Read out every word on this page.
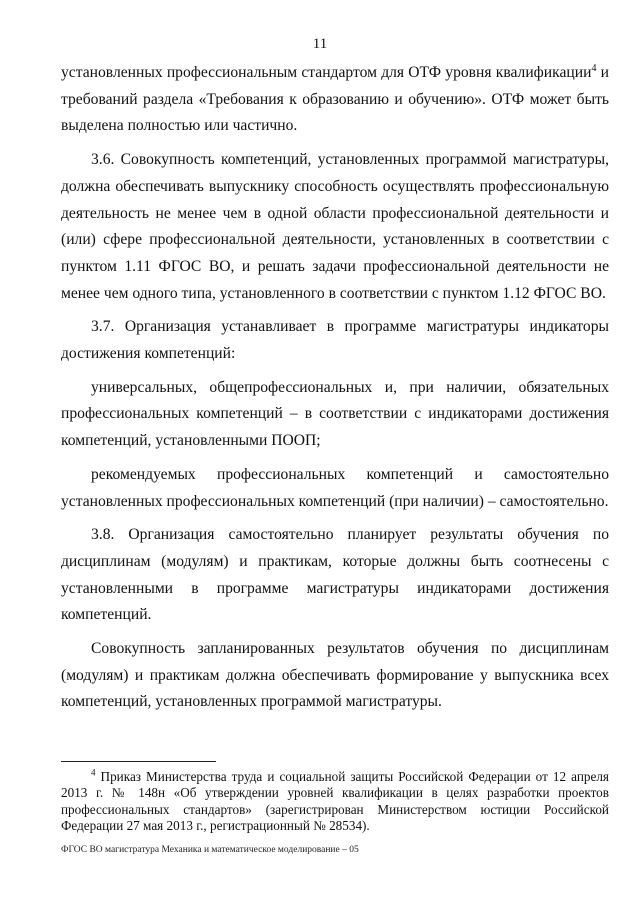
11

установленных профессиональным стандартом для ОТФ уровня квалификации$^4$ и требований раздела «Требования к образованию и обучению». ОТФ может быть выделена полностью или частично.

3.6. Совокупность компетенций, установленных программой магистратуры, должна обеспечивать выпускнику способность осуществлять профессиональную деятельность не менее чем в одной области профессиональной деятельности и (или) сфере профессиональной деятельности, установленных в соответствии с пунктом 1.11 ФГОС ВО, и решать задачи профессиональной деятельности не менее чем одного типа, установленного в соответствии с пунктом 1.12 ФГОС ВО.

3.7. Организация устанавливает в программе магистратуры индикаторы достижения компетенций:

универсальных, общепрофессиональных и, при наличии, обязательных профессиональных компетенций – в соответствии с индикаторами достижения компетенций, установленными ПООП;

рекомендуемых профессиональных компетенций и самостоятельно установленных профессиональных компетенций (при наличии) – самостоятельно.

3.8. Организация самостоятельно планирует результаты обучения по дисциплинам (модулям) и практикам, которые должны быть соотнесены с установленными в программе магистратуры индикаторами достижения компетенций.

Совокупность запланированных результатов обучения по дисциплинам (модулям) и практикам должна обеспечивать формирование у выпускника всех компетенций, установленных программой магистратуры.

$^4$ Приказ Министерства труда и социальной защиты Российской Федерации от 12 апреля 2013 г. № 148н «Об утверждении уровней квалификации в целях разработки проектов профессиональных стандартов» (зарегистрирован Министерством юстиции Российской Федерации 27 мая 2013 г., регистрационный № 28534).

ФГОС ВО магистратура Механика и математическое моделирование – 05
